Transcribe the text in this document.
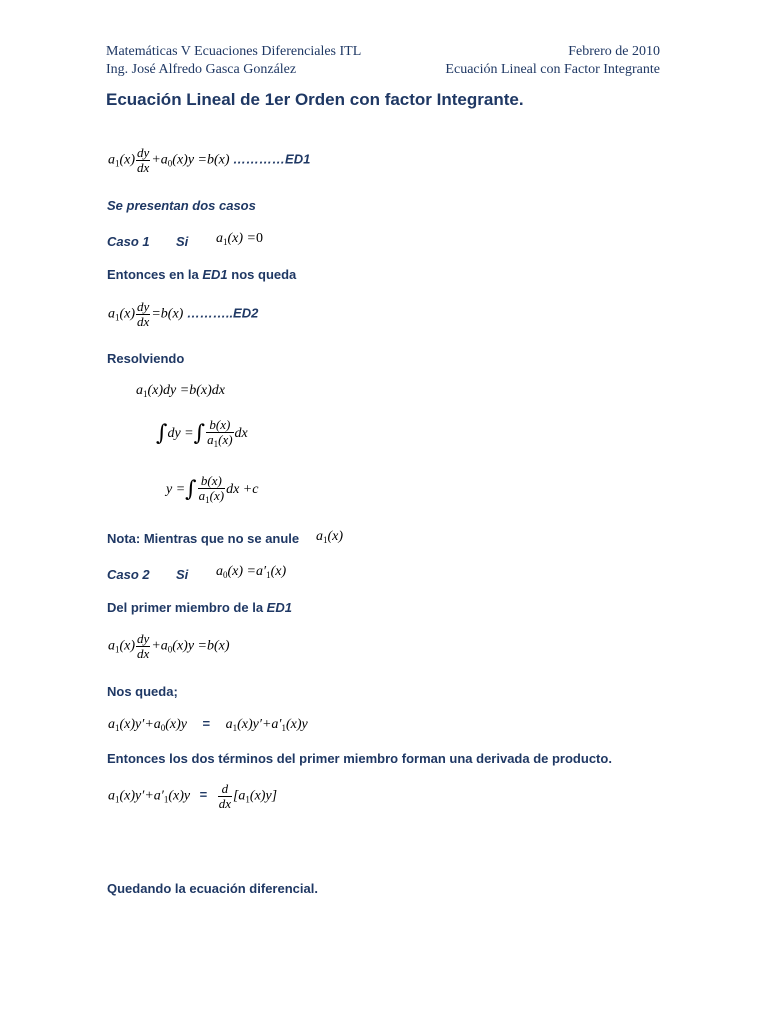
Matemáticas V Ecuaciones Diferenciales ITL
Ing. José Alfredo Gasca González
Febrero de 2010
Ecuación Lineal con Factor Integrante
Ecuación Lineal de 1er Orden con factor Integrante.
$a_1(x) \frac{dy}{dx} +a_0(x)y =b(x)$ …………ED1
Se presentan dos casos
Caso 1 Si $a_1(x) =0$
Entonces en la ED1 nos queda
$a_1(x) \frac{dy}{dx} =b(x)$ ………..ED2
Resolviendo
$a_1(x)dy =b(x)dx$
∫dy =∫ $\frac{b(x)}{a_1(x)}$ dx
y =∫ $\frac{b(x)}{a_1(x)}$ dx +c
Nota: Mientras que no se anule $a_1(x)$
Caso 2 Si $a_0(x) =a'_1(x)$
Del primer miembro de la ED1
$a_1(x) \frac{dy}{dx} +a_0(x)y =b(x)$
Nos queda;
$a_1(x)y'+a_0(x)y = a_1(x)y'+a'_1(x)y$
Entonces los dos términos del primer miembro forman una derivada de producto.
$a_1(x)y'+a'_1(x)y = \frac{d}{dx} [a_1(x)y]$
Quedando la ecuación diferencial.
